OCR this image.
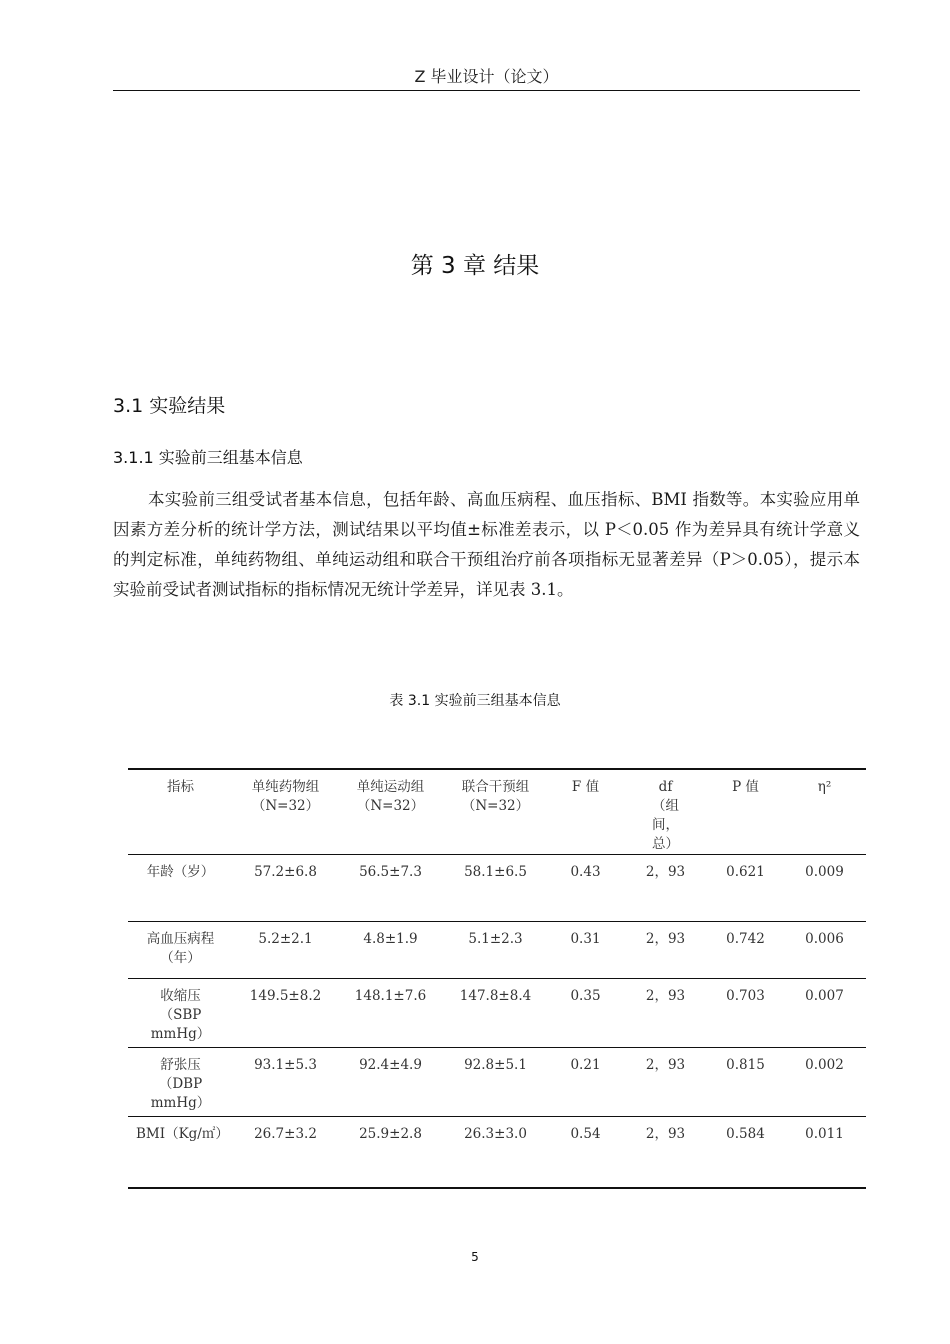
Z 毕业设计（论文）
第 3 章 结果
3.1 实验结果
3.1.1 实验前三组基本信息

本实验前三组受试者基本信息，包括年龄、高血压病程、血压指标、BMI 指数等。本实验应用单因素方差分析的统计学方法，测试结果以平均值±标准差表示，以 P＜0.05 作为差异具有统计学意义的判定标准，单纯药物组、单纯运动组和联合干预组治疗前各项指标无显著差异（P＞0.05），提示本实验前受试者测试指标的指标情况无统计学差异，详见表 3.1。

表 3.1 实验前三组基本信息
指标	单纯药物组（N=32）	单纯运动组（N=32）	联合干预组（N=32）	F 值	df（组间，总）	P 值	η²
年龄（岁）	57.2±6.8	56.5±7.3	58.1±6.5	0.43	2，93	0.621	0.009
高血压病程（年）	5.2±2.1	4.8±1.9	5.1±2.3	0.31	2，93	0.742	0.006
收缩压（SBP mmHg）	149.5±8.2	148.1±7.6	147.8±8.4	0.35	2，93	0.703	0.007
舒张压（DBP mmHg）	93.1±5.3	92.4±4.9	92.8±5.1	0.21	2，93	0.815	0.002
BMI（Kg/㎡）	26.7±3.2	25.9±2.8	26.3±3.0	0.54	2，93	0.584	0.011
5
